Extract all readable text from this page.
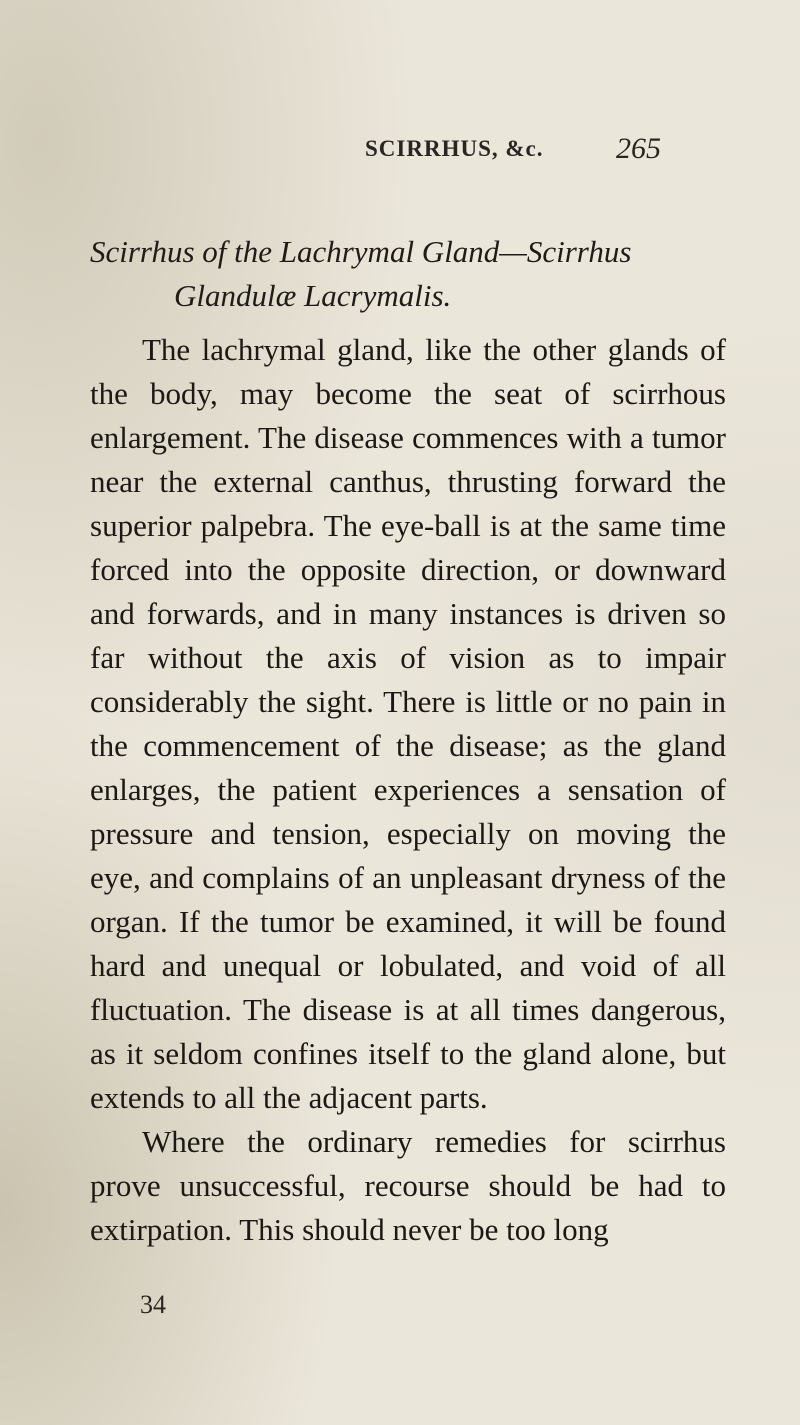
SCIRRHUS, &c. 265
Scirrhus of the Lachrymal Gland—Scirrhus
Glandulæ Lacrymalis.

The lachrymal gland, like the other glands of the body, may become the seat of scirrhous enlargement. The disease commences with a tumor near the external canthus, thrusting forward the superior palpebra. The eye-ball is at the same time forced into the opposite direction, or downward and forwards, and in many instances is driven so far without the axis of vision as to impair considerably the sight. There is little or no pain in the commencement of the disease; as the gland enlarges, the patient experiences a sensation of pressure and tension, especially on moving the eye, and complains of an unpleasant dryness of the organ. If the tumor be examined, it will be found hard and unequal or lobulated, and void of all fluctuation. The disease is at all times dangerous, as it seldom confines itself to the gland alone, but extends to all the adjacent parts.

Where the ordinary remedies for scirrhus prove unsuccessful, recourse should be had to extirpation. This should never be too long

34
